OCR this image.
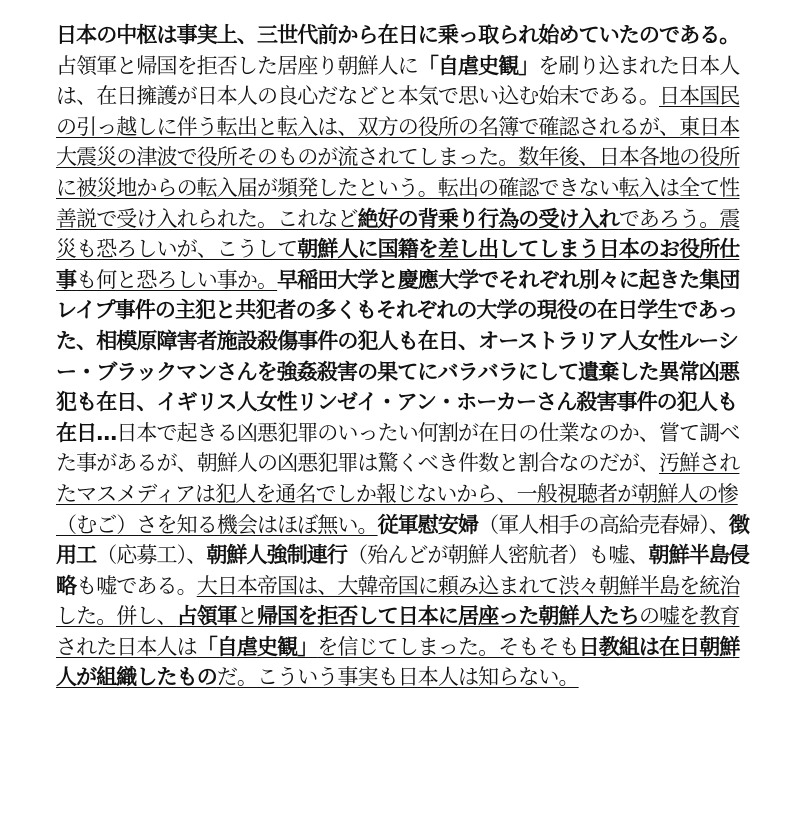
日本の中枢は事実上、三世代前から在日に乗っ取られ始めていたのである。占領軍と帰国を拒否した居座り朝鮮人に「自虐史観」を刷り込まれた日本人は、在日擁護が日本人の良心だなどと本気で思い込む始末である。日本国民の引っ越しに伴う転出と転入は、双方の役所の名簿で確認されるが、東日本大震災の津波で役所そのものが流されてしまった。数年後、日本各地の役所に被災地からの転入届が頻発したという。転出の確認できない転入は全て性善説で受け入れられた。これなど絶好の背乗り行為の受け入れであろう。震災も恐ろしいが、こうして朝鮮人に国籍を差し出してしまう日本のお役所仕事も何と恐ろしい事か。早稲田大学と慶應大学でそれぞれ別々に起きた集団レイプ事件の主犯と共犯者の多くもそれぞれの大学の現役の在日学生であった、相模原障害者施設殺傷事件の犯人も在日、オーストラリア人女性ルーシー・ブラックマンさんを強姦殺害の果てにバラバラにして遺棄した異常凶悪犯も在日、イギリス人女性リンゼイ・アン・ホーカーさん殺害事件の犯人も在日…日本で起きる凶悪犯罪のいったい何割が在日の仕業なのか、嘗て調べた事があるが、朝鮮人の凶悪犯罪は驚くべき件数と割合なのだが、汚鮮されたマスメディアは犯人を通名でしか報じないから、一般視聴者が朝鮮人の惨（むご）さを知る機会はほぼ無い。従軍慰安婦（軍人相手の高給売春婦）、徴用工（応募工）、朝鮮人強制連行（殆んどが朝鮮人密航者）も嘘、朝鮮半島侵略も嘘である。大日本帝国は、大韓帝国に頼み込まれて渋々朝鮮半島を統治した。併し、占領軍と帰国を拒否して日本に居座った朝鮮人たちの嘘を教育された日本人は「自虐史観」を信じてしまった。そもそも日教組は在日朝鮮人が組織したものだ。こういう事実も日本人は知らない。
